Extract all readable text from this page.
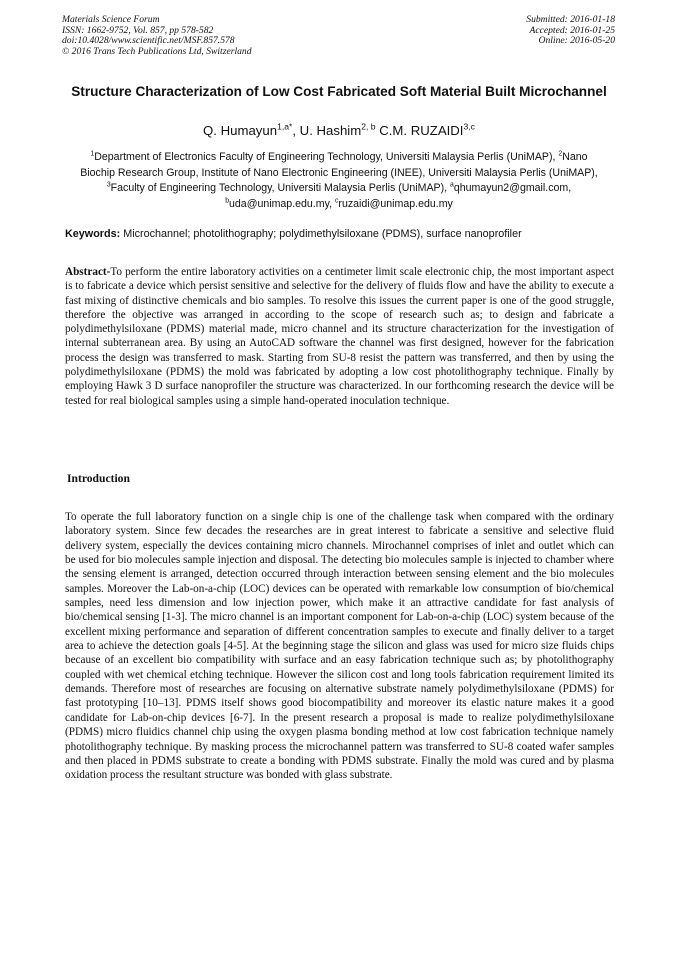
Materials Science Forum
ISSN: 1662-9752, Vol. 857, pp 578-582
doi:10.4028/www.scientific.net/MSF.857.578
© 2016 Trans Tech Publications Ltd, Switzerland
Submitted: 2016-01-18
Accepted: 2016-01-25
Online: 2016-05-20
Structure Characterization of Low Cost Fabricated Soft Material Built Microchannel
Q. Humayun$^{1,a*}$, U. Hashim$^{2, b}$ C.M. RUZAIDI$^{3,c}$
$^1$Department of Electronics Faculty of Engineering Technology, Universiti Malaysia Perlis (UniMAP), $^2$Nano Biochip Research Group, Institute of Nano Electronic Engineering (INEE), Universiti Malaysia Perlis (UniMAP), $^3$Faculty of Engineering Technology, Universiti Malaysia Perlis (UniMAP), $^a$qhumayun2@gmail.com, $^b$uda@unimap.edu.my, $^c$ruzaidi@unimap.edu.my
Keywords: Microchannel; photolithography; polydimethylsiloxane (PDMS), surface nanoprofiler
Abstract-To perform the entire laboratory activities on a centimeter limit scale electronic chip, the most important aspect is to fabricate a device which persist sensitive and selective for the delivery of fluids flow and have the ability to execute a fast mixing of distinctive chemicals and bio samples. To resolve this issues the current paper is one of the good struggle, therefore the objective was arranged in according to the scope of research such as; to design and fabricate a polydimethylsiloxane (PDMS) material made, micro channel and its structure characterization for the investigation of internal subterranean area. By using an AutoCAD software the channel was first designed, however for the fabrication process the design was transferred to mask. Starting from SU-8 resist the pattern was transferred, and then by using the polydimethylsiloxane (PDMS) the mold was fabricated by adopting a low cost photolithography technique. Finally by employing Hawk 3 D surface nanoprofiler the structure was characterized. In our forthcoming research the device will be tested for real biological samples using a simple hand-operated inoculation technique.
Introduction
To operate the full laboratory function on a single chip is one of the challenge task when compared with the ordinary laboratory system. Since few decades the researches are in great interest to fabricate a sensitive and selective fluid delivery system, especially the devices containing micro channels. Mirochannel comprises of inlet and outlet which can be used for bio molecules sample injection and disposal. The detecting bio molecules sample is injected to chamber where the sensing element is arranged, detection occurred through interaction between sensing element and the bio molecules samples. Moreover the Lab-on-a-chip (LOC) devices can be operated with remarkable low consumption of bio/chemical samples, need less dimension and low injection power, which make it an attractive candidate for fast analysis of bio/chemical sensing [1-3]. The micro channel is an important component for Lab-on-a-chip (LOC) system because of the excellent mixing performance and separation of different concentration samples to execute and finally deliver to a target area to achieve the detection goals [4-5]. At the beginning stage the silicon and glass was used for micro size fluids chips because of an excellent bio compatibility with surface and an easy fabrication technique such as; by photolithography coupled with wet chemical etching technique. However the silicon cost and long tools fabrication requirement limited its demands. Therefore most of researches are focusing on alternative substrate namely polydimethylsiloxane (PDMS) for fast prototyping [10–13]. PDMS itself shows good biocompatibility and moreover its elastic nature makes it a good candidate for Lab-on-chip devices [6-7]. In the present research a proposal is made to realize polydimethylsiloxane (PDMS) micro fluidics channel chip using the oxygen plasma bonding method at low cost fabrication technique namely photolithography technique. By masking process the microchannel pattern was transferred to SU-8 coated wafer samples and then placed in PDMS substrate to create a bonding with PDMS substrate. Finally the mold was cured and by plasma oxidation process the resultant structure was bonded with glass substrate.
